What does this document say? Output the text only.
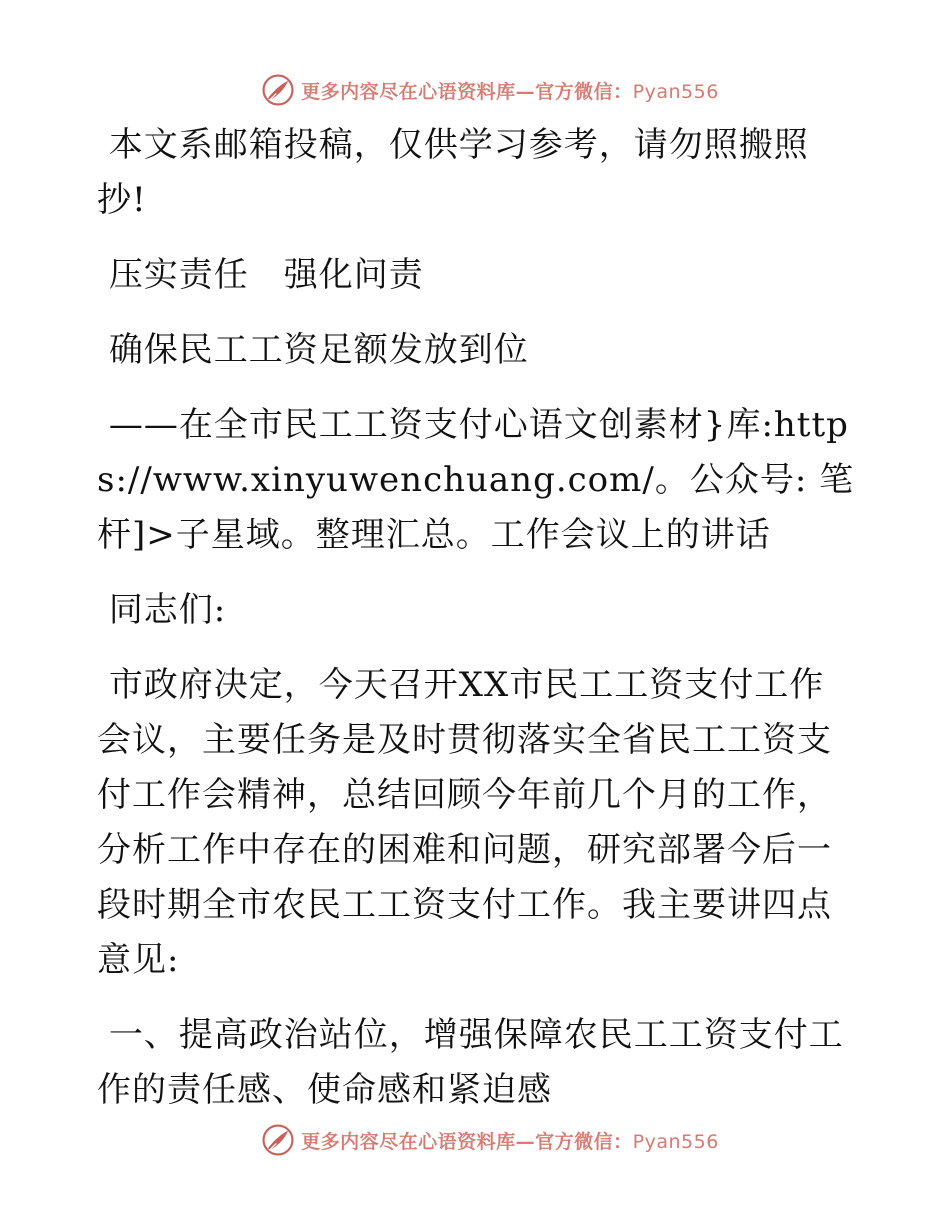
更多内容尽在心语资料库—官方微信：Pyan556

本文系邮箱投稿，仅供学习参考，请勿照搬照抄!

压实责任　强化问责

确保民工工资足额发放到位

——在全市民工工资支付心语文创素材}库:https://www.xinyuwenchuang.com/。公众号: 笔杆]>子星域。整理汇总。工作会议上的讲话

同志们:

市政府决定，今天召开XX市民工工资支付工作会议，主要任务是及时贯彻落实全省民工工资支付工作会精神，总结回顾今年前几个月的工作，分析工作中存在的困难和问题，研究部署今后一段时期全市农民工工资支付工作。我主要讲四点意见:

一、提高政治站位，增强保障农民工工资支付工作的责任感、使命感和紧迫感

更多内容尽在心语资料库—官方微信：Pyan556
